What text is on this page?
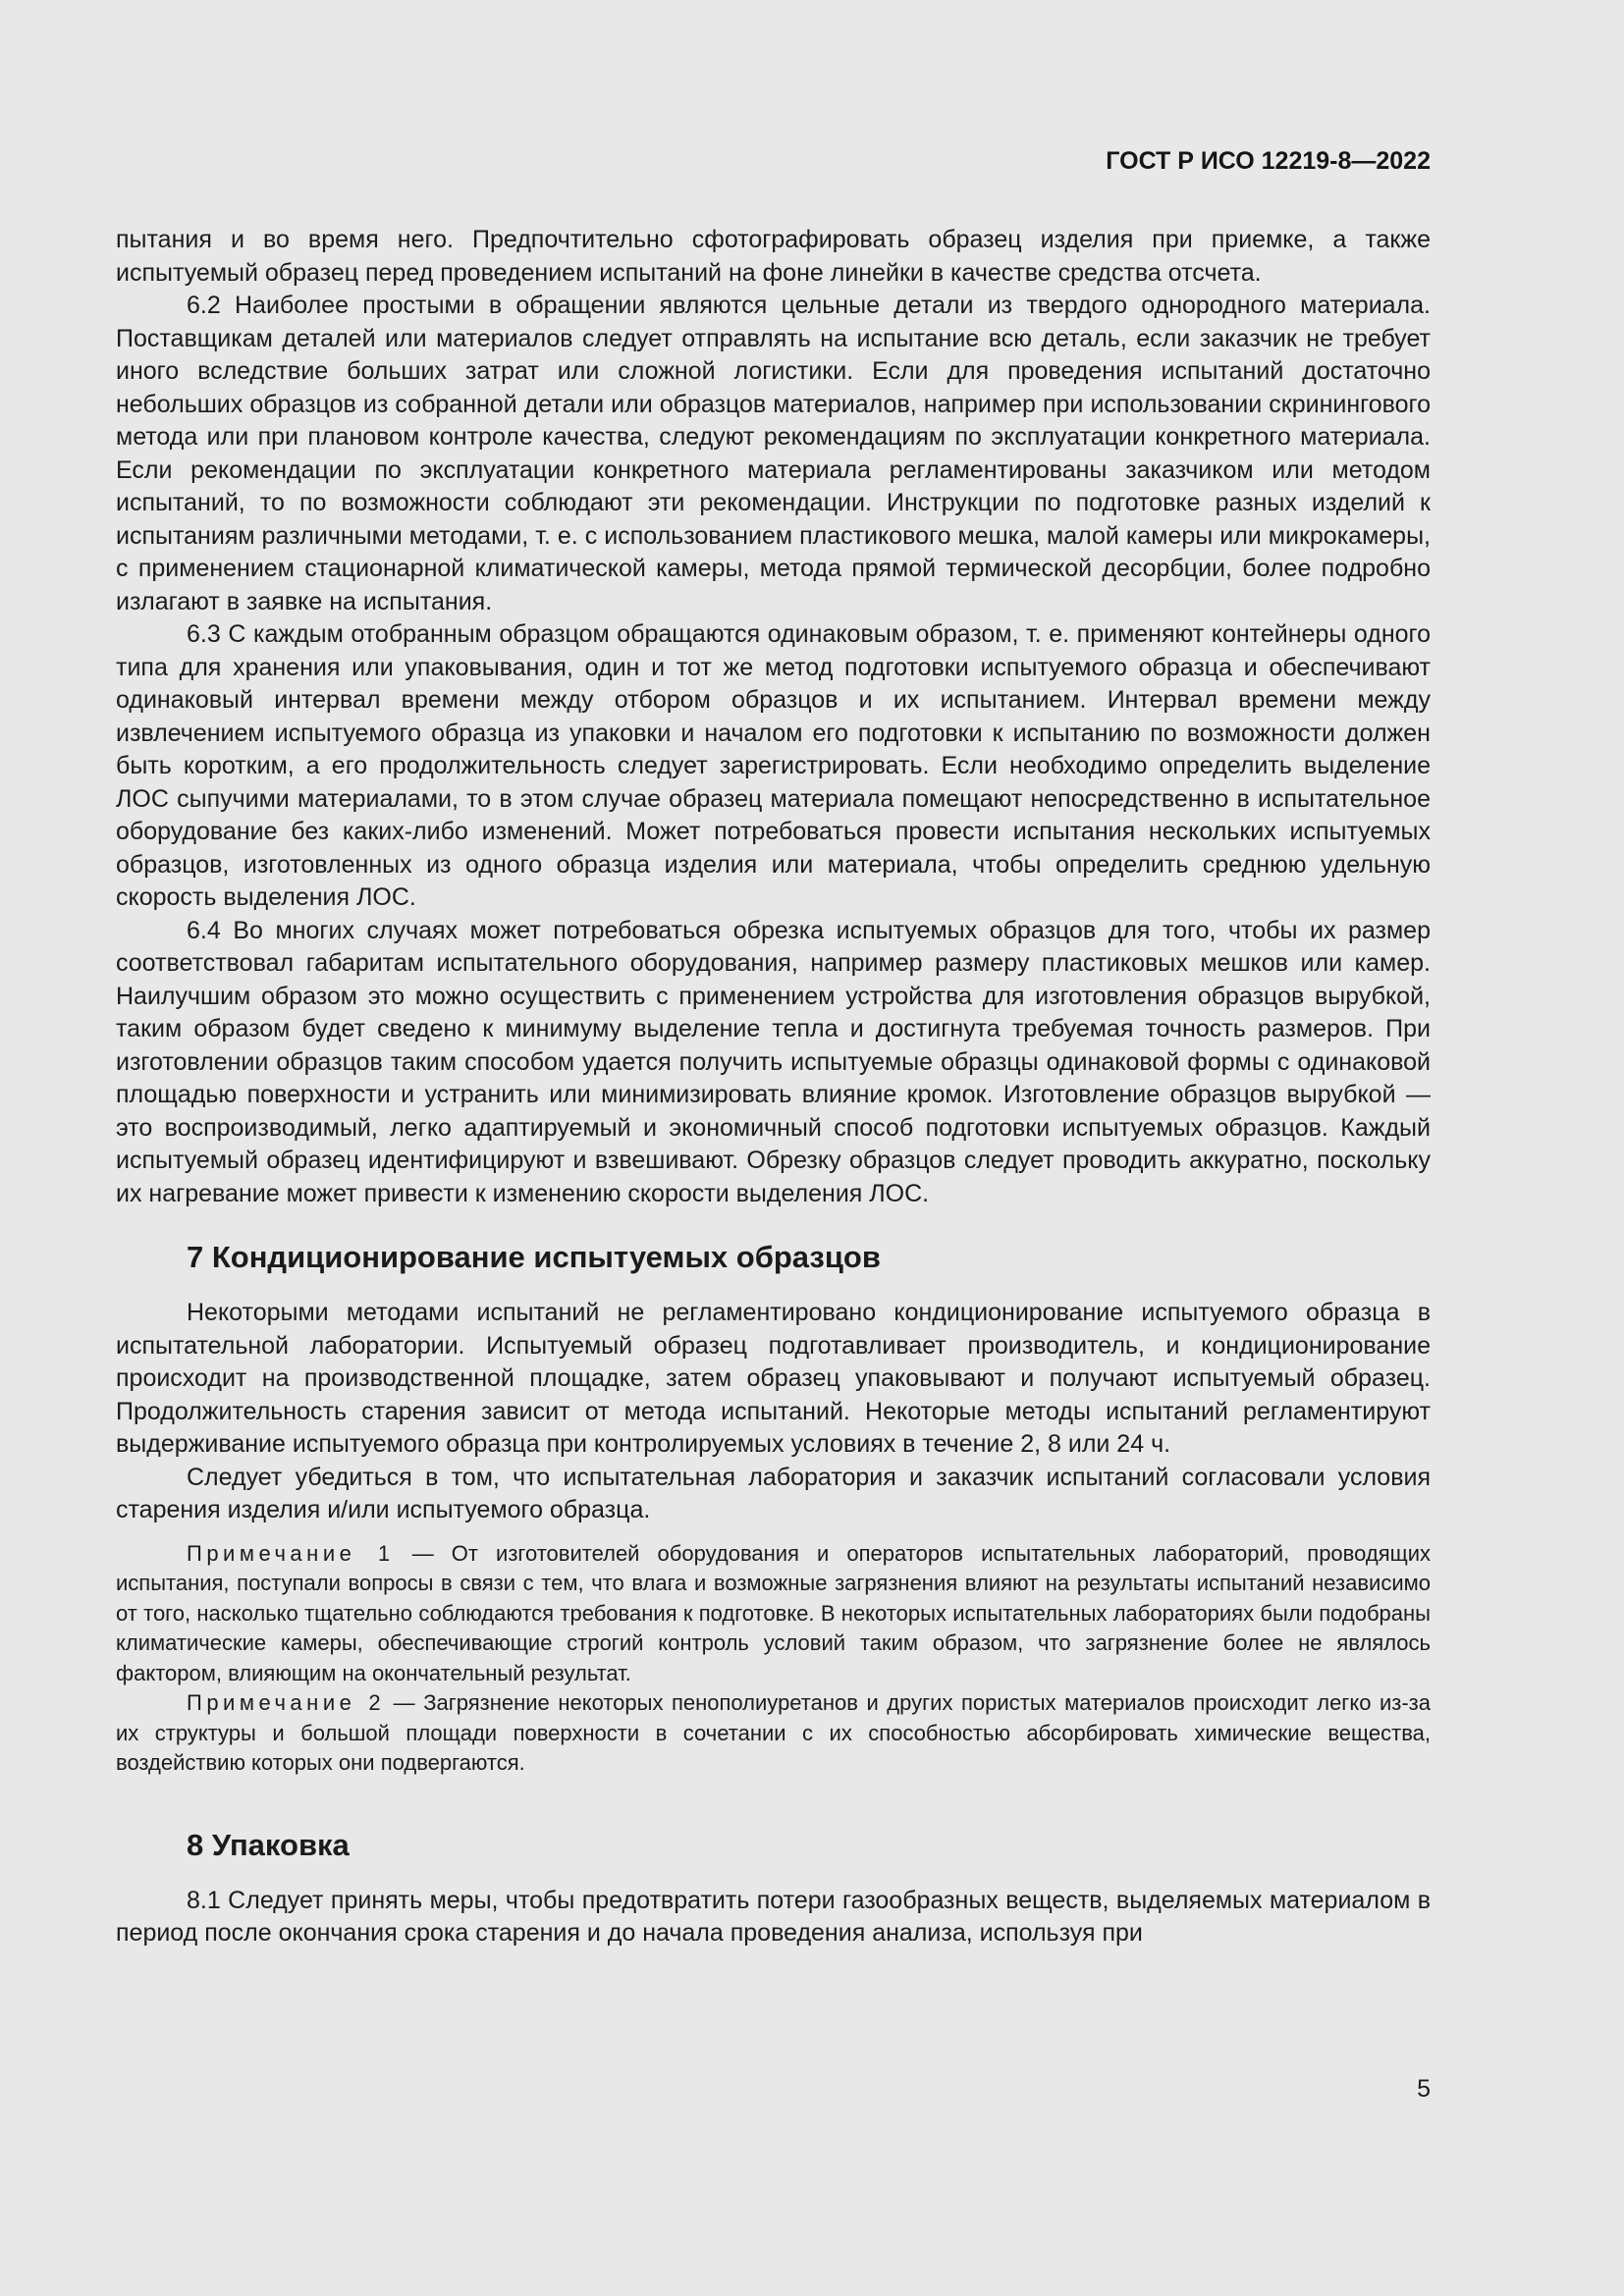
ГОСТ Р ИСО 12219-8—2022

пытания и во время него. Предпочтительно сфотографировать образец изделия при приемке, а также испытуемый образец перед проведением испытаний на фоне линейки в качестве средства отсчета.

6.2 Наиболее простыми в обращении являются цельные детали из твердого однородного материала. Поставщикам деталей или материалов следует отправлять на испытание всю деталь, если заказчик не требует иного вследствие больших затрат или сложной логистики. Если для проведения испытаний достаточно небольших образцов из собранной детали или образцов материалов, например при использовании скринингового метода или при плановом контроле качества, следуют рекомендациям по эксплуатации конкретного материала. Если рекомендации по эксплуатации конкретного материала регламентированы заказчиком или методом испытаний, то по возможности соблюдают эти рекомендации. Инструкции по подготовке разных изделий к испытаниям различными методами, т. е. с использованием пластикового мешка, малой камеры или микрокамеры, с применением стационарной климатической камеры, метода прямой термической десорбции, более подробно излагают в заявке на испытания.

6.3 С каждым отобранным образцом обращаются одинаковым образом, т. е. применяют контейнеры одного типа для хранения или упаковывания, один и тот же метод подготовки испытуемого образца и обеспечивают одинаковый интервал времени между отбором образцов и их испытанием. Интервал времени между извлечением испытуемого образца из упаковки и началом его подготовки к испытанию по возможности должен быть коротким, а его продолжительность следует зарегистрировать. Если необходимо определить выделение ЛОС сыпучими материалами, то в этом случае образец материала помещают непосредственно в испытательное оборудование без каких-либо изменений. Может потребоваться провести испытания нескольких испытуемых образцов, изготовленных из одного образца изделия или материала, чтобы определить среднюю удельную скорость выделения ЛОС.

6.4 Во многих случаях может потребоваться обрезка испытуемых образцов для того, чтобы их размер соответствовал габаритам испытательного оборудования, например размеру пластиковых мешков или камер. Наилучшим образом это можно осуществить с применением устройства для изготовления образцов вырубкой, таким образом будет сведено к минимуму выделение тепла и достигнута требуемая точность размеров. При изготовлении образцов таким способом удается получить испытуемые образцы одинаковой формы с одинаковой площадью поверхности и устранить или минимизировать влияние кромок. Изготовление образцов вырубкой — это воспроизводимый, легко адаптируемый и экономичный способ подготовки испытуемых образцов. Каждый испытуемый образец идентифицируют и взвешивают. Обрезку образцов следует проводить аккуратно, поскольку их нагревание может привести к изменению скорости выделения ЛОС.

7 Кондиционирование испытуемых образцов

Некоторыми методами испытаний не регламентировано кондиционирование испытуемого образца в испытательной лаборатории. Испытуемый образец подготавливает производитель, и кондиционирование происходит на производственной площадке, затем образец упаковывают и получают испытуемый образец. Продолжительность старения зависит от метода испытаний. Некоторые методы испытаний регламентируют выдерживание испытуемого образца при контролируемых условиях в течение 2, 8 или 24 ч.

Следует убедиться в том, что испытательная лаборатория и заказчик испытаний согласовали условия старения изделия и/или испытуемого образца.

Примечание 1 — От изготовителей оборудования и операторов испытательных лабораторий, проводящих испытания, поступали вопросы в связи с тем, что влага и возможные загрязнения влияют на результаты испытаний независимо от того, насколько тщательно соблюдаются требования к подготовке. В некоторых испытательных лабораториях были подобраны климатические камеры, обеспечивающие строгий контроль условий таким образом, что загрязнение более не являлось фактором, влияющим на окончательный результат.

Примечание 2 — Загрязнение некоторых пенополиуретанов и других пористых материалов происходит легко из-за их структуры и большой площади поверхности в сочетании с их способностью абсорбировать химические вещества, воздействию которых они подвергаются.

8 Упаковка

8.1 Следует принять меры, чтобы предотвратить потери газообразных веществ, выделяемых материалом в период после окончания срока старения и до начала проведения анализа, используя при

5
